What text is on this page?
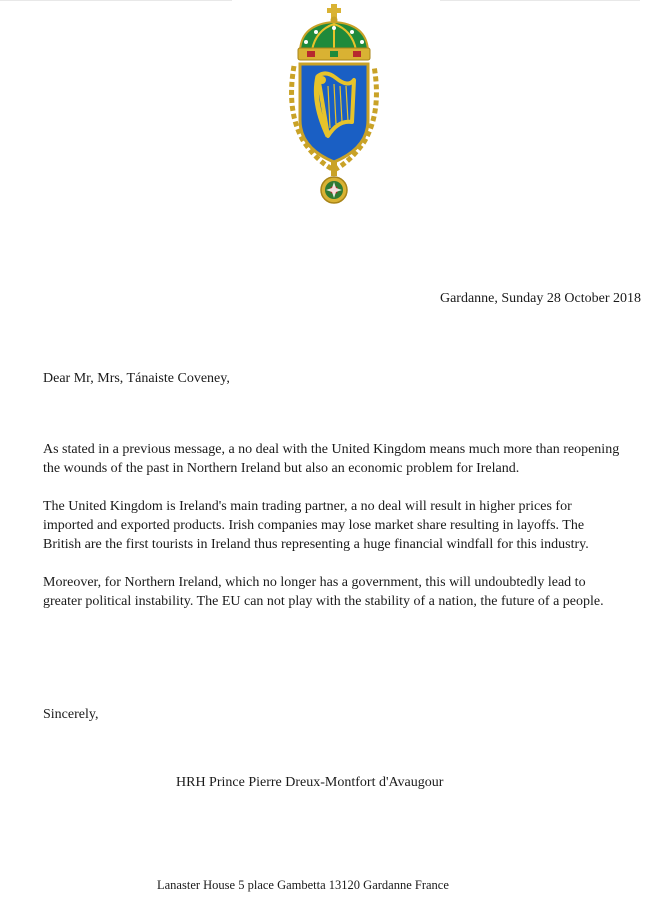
Gardanne, Sunday 28 October 2018
Dear Mr, Mrs, Tánaiste Coveney,

As stated in a previous message, a no deal with the United Kingdom means much more than reopening the wounds of the past in Northern Ireland but also an economic problem for Ireland.

The United Kingdom is Ireland's main trading partner, a no deal will result in higher prices for imported and exported products. Irish companies may lose market share resulting in layoffs. The British are the first tourists in Ireland thus representing a huge financial windfall for this industry.

Moreover, for Northern Ireland, which no longer has a government, this will undoubtedly lead to greater political instability. The EU can not play with the stability of a nation, the future of a people.

Sincerely,
HRH Prince Pierre Dreux-Montfort d'Avaugour
Lanaster House 5 place Gambetta 13120 Gardanne France
